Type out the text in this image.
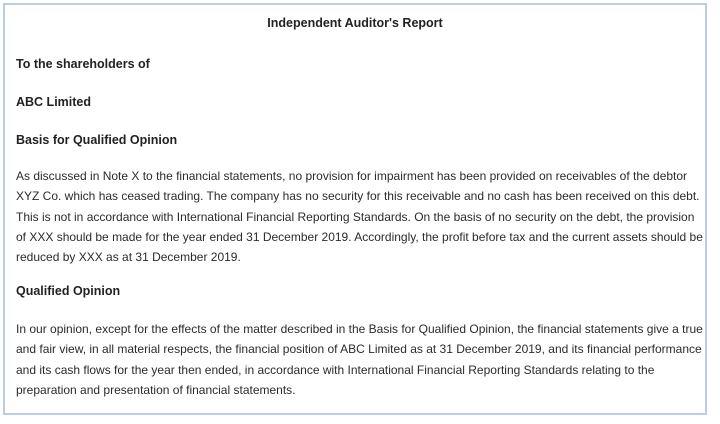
Independent Auditor's Report
To the shareholders of
ABC Limited
Basis for Qualified Opinion

As discussed in Note X to the financial statements, no provision for impairment has been provided on receivables of the debtor XYZ Co. which has ceased trading. The company has no security for this receivable and no cash has been received on this debt. This is not in accordance with International Financial Reporting Standards. On the basis of no security on the debt, the provision of XXX should be made for the year ended 31 December 2019. Accordingly, the profit before tax and the current assets should be reduced by XXX as at 31 December 2019.

Qualified Opinion

In our opinion, except for the effects of the matter described in the Basis for Qualified Opinion, the financial statements give a true and fair view, in all material respects, the financial position of ABC Limited as at 31 December 2019, and its financial performance and its cash flows for the year then ended, in accordance with International Financial Reporting Standards relating to the preparation and presentation of financial statements.
